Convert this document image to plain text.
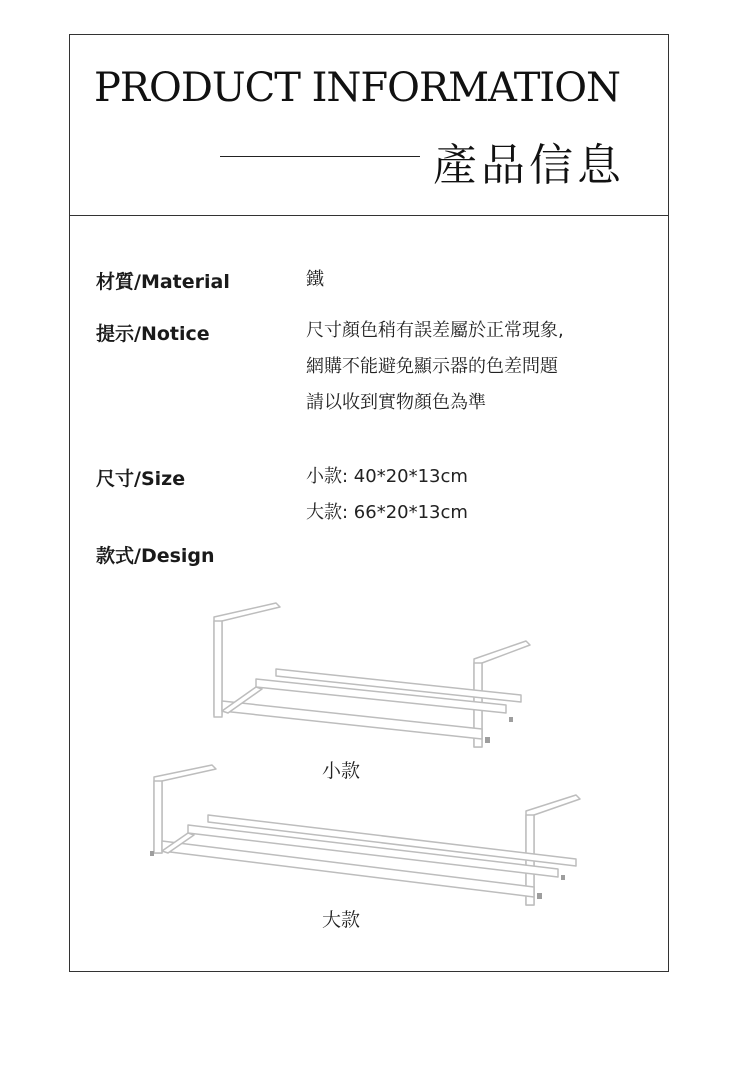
PRODUCT INFORMATION
產品信息
材質/Material	鐵
提示/Notice	尺寸顏色稍有誤差屬於正常現象,
網購不能避免顯示器的色差問題
請以收到實物顏色為準
尺寸/Size	小款: 40*20*13cm
大款: 66*20*13cm
款式/Design
小款
大款
